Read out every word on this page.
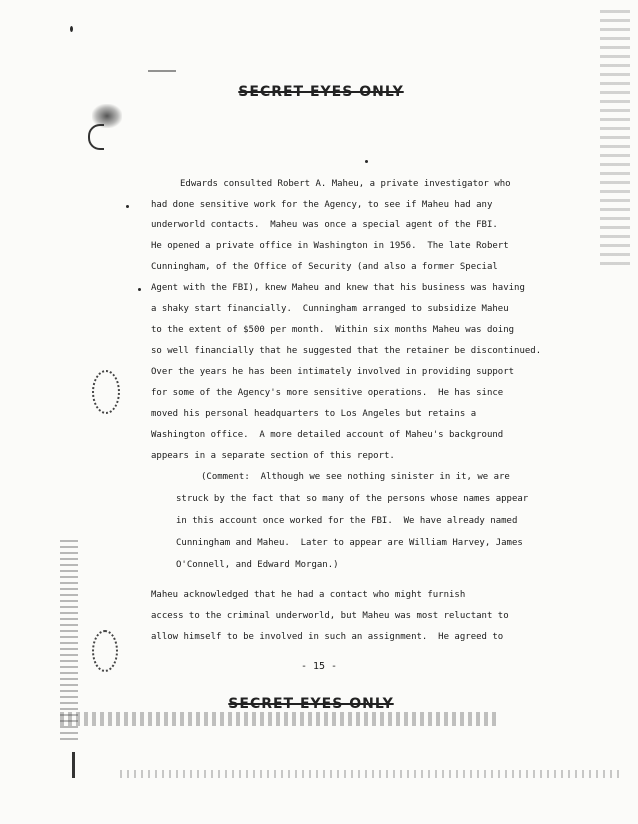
SECRET EYES ONLY
Edwards consulted Robert A. Maheu, a private investigator who
had done sensitive work for the Agency, to see if Maheu had any
underworld contacts.  Maheu was once a special agent of the FBI.
He opened a private office in Washington in 1956.  The late Robert
Cunningham, of the Office of Security (and also a former Special
Agent with the FBI), knew Maheu and knew that his business was having
a shaky start financially.  Cunningham arranged to subsidize Maheu
to the extent of $500 per month.  Within six months Maheu was doing
so well financially that he suggested that the retainer be discontinued.
Over the years he has been intimately involved in providing support
for some of the Agency's more sensitive operations.  He has since
moved his personal headquarters to Los Angeles but retains a
Washington office.  A more detailed account of Maheu's background
appears in a separate section of this report.
(Comment:  Although we see nothing sinister in it, we are
struck by the fact that so many of the persons whose names appear
in this account once worked for the FBI.  We have already named
Cunningham and Maheu.  Later to appear are William Harvey, James
O'Connell, and Edward Morgan.)
Maheu acknowledged that he had a contact who might furnish
access to the criminal underworld, but Maheu was most reluctant to
allow himself to be involved in such an assignment.  He agreed to
- 15 -
SECRET EYES ONLY
